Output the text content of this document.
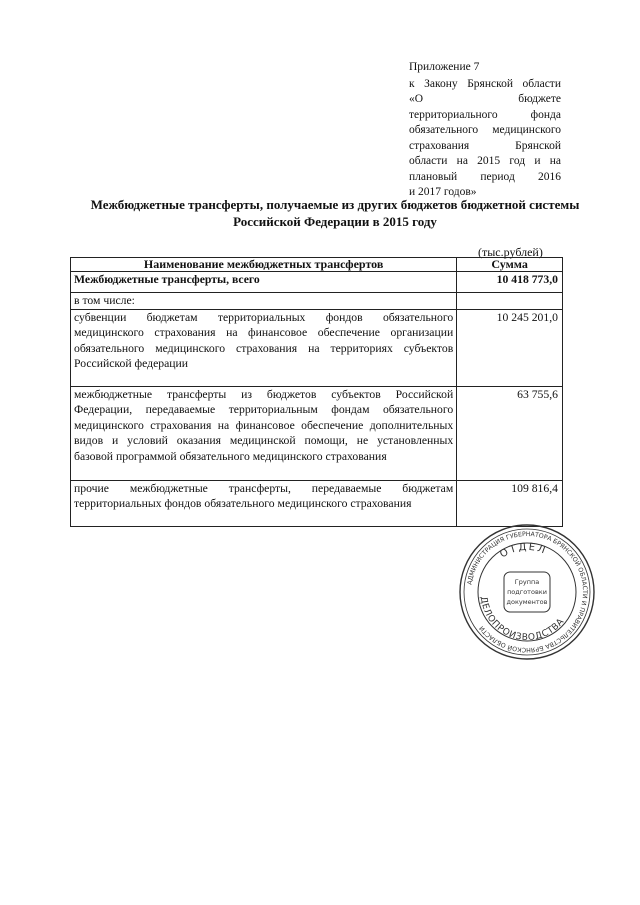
Приложение 7
к Закону Брянской области
«О бюджете
территориального фонда
обязательного медицинского
страхования Брянской
области на 2015 год и на
плановый период 2016
и 2017 годов»
Межбюджетные трансферты, получаемые из других бюджетов бюджетной системы Российской Федерации в 2015 году
(тыс.рублей)
Наименование межбюджетных трансфертов	Сумма
Межбюджетные трансферты, всего	10 418 773,0
в том числе:	
субвенции бюджетам территориальных фондов обязательного медицинского страхования на финансовое обеспечение организации обязательного медицинского страхования на территориях субъектов Российской федерации	10 245 201,0
межбюджетные трансферты из бюджетов субъектов Российской Федерации, передаваемые территориальным фондам обязательного медицинского страхования на финансовое обеспечение дополнительных видов и условий оказания медицинской помощи, не установленных базовой программой обязательного медицинского страхования	63 755,6
прочие межбюджетные трансферты, передаваемые бюджетам территориальных фондов обязательного медицинского страхования	109 816,4
АДМИНИСТРАЦИЯ ГУБЕРНАТОРА БРЯНСКОЙ ОБЛАСТИ И ПРАВИТЕЛЬСТВА БРЯНСКОЙ ОБЛАСТИ
ОТДЕЛ
ДЕЛОПРОИЗВОДСТВА
Группа
подготовки
документов
